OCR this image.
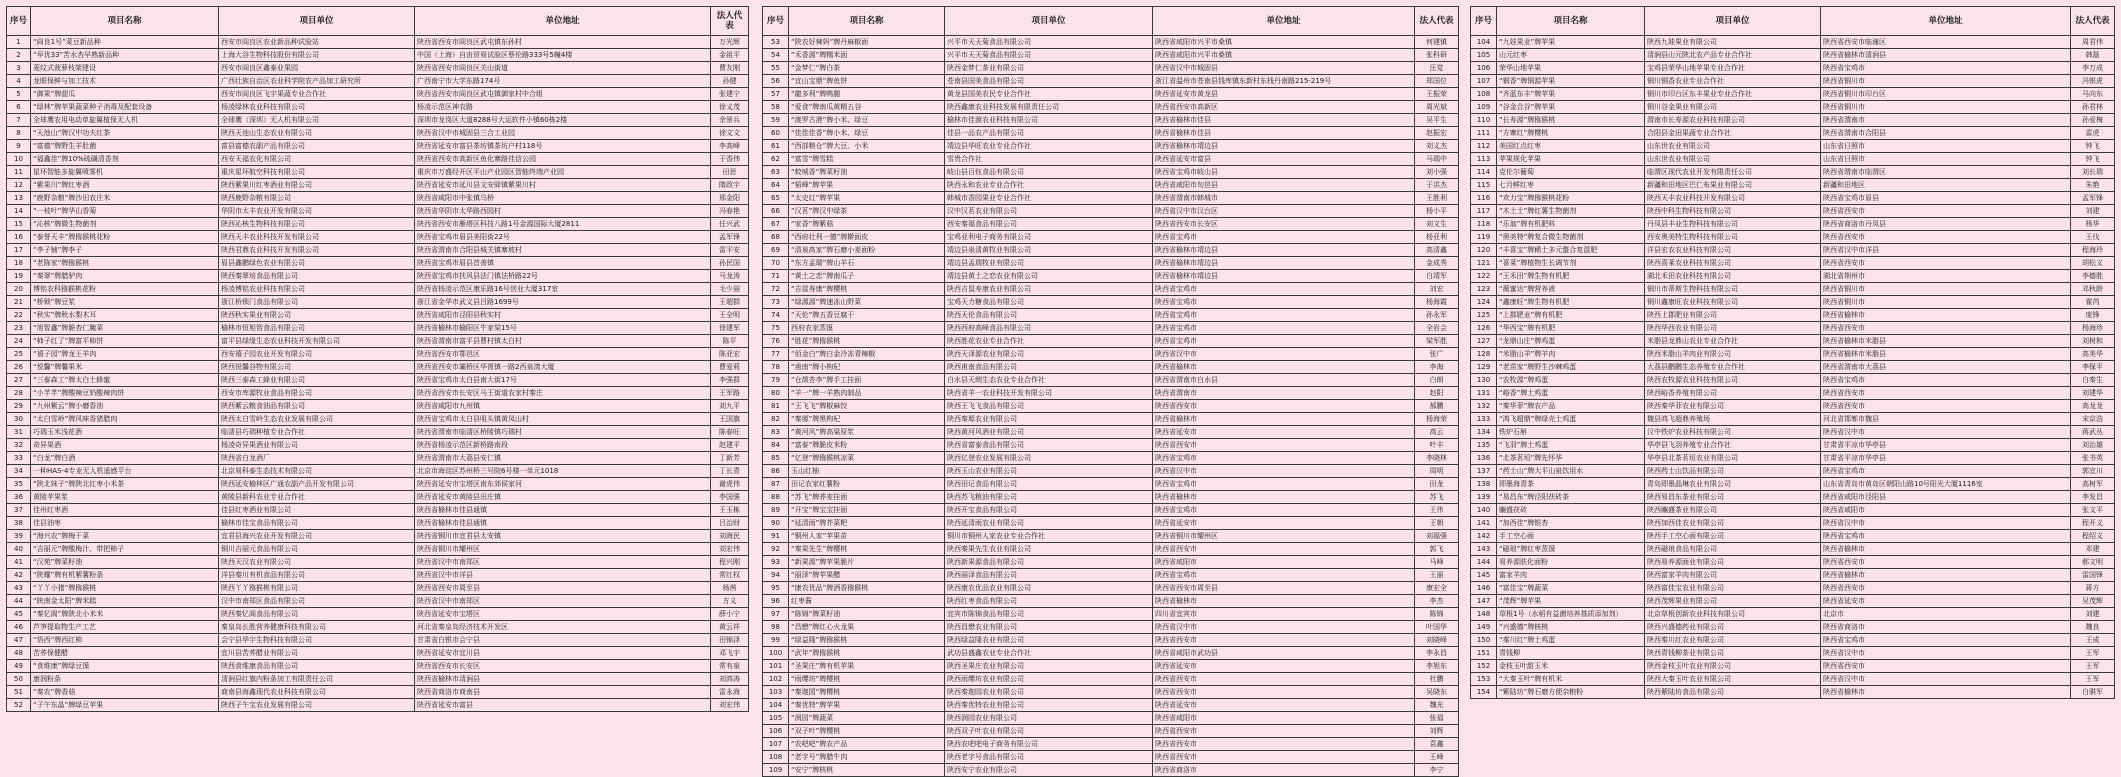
序号	项目名称	项目单位	单位地址	法人代表
1	“阎良1号”菜豆新品种	西安市阎良区农业新品种试验站	陕西省西安市阎良区武屯镇东孙村	万光辉
2	“早优33”苦水杏早熟新品种	上海大谷生物科技股份有限公司	中国（上海）自由贸易试验区蔡伦路333号5幢4楼	金祖平
3	菱纹式菠萝枝架建设	西安市阎良区鑫泰业果园	陕西省西安市阎良区关山街道	曹友刚
4	龙眼保鲜与加工技术	广西壮族自治区农业科学院农产品加工研究所	广西南宁市大学东路174号	孙健
5	“御果”牌甜瓜	西安市阎良区飞宇果蔬专业合作社	陕西省西安市阎良区武屯镇御家村中合组	张建宁
6	“绿林”牌苹果蔬菜种子消毒及配套设备	杨凌绿林农业科技有限公司	杨凌示范区神农路	徐义茂
7	全球鹰农用电动单旋翼植保无人机	全球鹰（深圳）无人机有限公司	深圳市龙岗区大道8288号大运软件小镇60栋2楼	余景兵
8	“天池山”牌汉中功夫红茶	陕西天池山生态农业有限公司	陕西省汉中市城固县三合工业园	徐文文
9	“富德”牌野生羊肚菌	富县富德农副产品有限公司	陕西省延安市富县茶坊镇茶坊户村118号	李高峰
10	“福鑫佳”牌10%硫磺清香剂	西安天福农化有限公司	陕西省西安市高新区鱼化寨路佳信公园	于香伟
11	星环智能多旋翼喷雾机	重庆星环航空科技有限公司	重庆市万盛经开区平山产业园区智能终端产业园	田思
12	“紫果川”牌红枣酒	陕西紫果川红枣酒业有限公司	陕西省延安市延川县文安驿镇紫果川村	隋政宇
13	“鹿野杂粮”牌沙田农庄米	陕西鹿野杂粮有限公司	陕西省咸阳市中张镇乌桥	邢金阳
14	“一枝叶”牌华山香菊	华阴市太丰农业开发有限公司	陕西省华阴市太华路西园村	冯春艳
15	“沁核”牌微生物菌剂	陕西沁核生物科技有限公司	陕西省西安市雁塔区科技八路1号金源国际大厦2811	任兴武
16	“泰誉天丰”牌猕猴桃花粉	陕西天丰农业科技开发有限公司	陕西省宝鸡市眉县美阳街22号	孟军锋
17	“李子铺”牌李子	陕西君鼎农业科技开发有限公司	陕西省渭南市合阳县城关镇寨坡村	雷平安
18	“老陈家”牌猕猴桃	眉县鑫鹏绿色农业有限公司	陕西省宝鸡市眉县首善镇	孙民国
19	“秦翠”牌腊驴肉	陕西秦翠培食品有限公司	陕西省宝鸡市扶风县法门镇法桥路22号	马龙涛
20	博铭农科猕猴桃花粉	杨凌博铭农业科技有限公司	陕西省杨凌示范区康乐路16号创业大厦317室	毛少丽
21	“桥锁”牌豆浆	浙江桥锁门食品有限公司	浙江省金华市武义县吕路1699号	王超群
22	“秋实”牌秋水梨木耳	陕西秋实果业有限公司	陕西省咸阳市泾阳县秋实村	王全明
23	“旭智鑫”牌脆杏仁腌菜	榆林市恒旭智食品有限公司	陕西省榆林市榆阳区牛家梁15号	徐建军
24	“柿子红了”牌富平柿饼	富平县绿缘生态农业科技开发有限公司	陕西省渭南市富平县曹村镇太白村	陈平
25	“禧子园”牌龙王羊肉	西安禧子园农业开发有限公司	陕西省西安市鄠邑区	陈亚宏
26	“悦馨”牌馨果米	陕西悦馨谷物有限公司	陕西省西安市灞桥区华胥镇一路2西泉湾大厦	曹爱莉
27	“三泰森工”牌太白土蜂蜜	陕西三泰森工蜂业有限公司	陕西省宝鸡市太白县南大街17号	李强群
28	“小芊芊”牌酸辣豆奶酸辣肉饼	西安市库源牧业食品有限公司	陕西省西安市长安区马王街道农家村秦庄	王军路
29	“九州紫云”牌小磨香油	陕西紫云粮食油品有限公司	陕西省咸阳市九州镇	刘九平
30	“太白雪岭”牌风味香猪腊肉	陕西太白雪岭生态农业发展有限公司	陕西省宝鸡市太白县咀头镇黄凤山村	王国旗
31	巧瑞玉米浅花酒	临清县巧瑞种植专业合作社	陕西省渭南市临清区桥陵镇巧瑞村	陈春旺
32	奇异果酒	杨凌奇异果酒业有限公司	陕西省杨凌示范区新桥路南段	赵建平
33	“白龙”牌白酒	陕西省白龙酒厂	陕西省渭南市大荔县安仁镇	丁新芳
34	一种HAS-4专业无人机遥感平台	北京易科泰生态技术有限公司	北京市海淀区苏州桥三号院6号楼一单元1018	丁长青
35	“陕北妹子”牌陕北红枣小米茶	陕西延安榆林区广通农副产品开发有限公司	陕西省延安市宝塔区南东郊侯家河	谢虎伟
36	黄陵苹果浆	黄陵县新科农业专业合作社	陕西省延安市黄陵县田庄镇	李国强
37	佳州红枣酒	佳县红枣酒业有限公司	陕西省榆林市佳县通镇	王玉栋
38	佳县油枣	榆林市佳宝食品有限公司	陕西省榆林市佳县通镇	吕治财
39	“海兴农”牌梅干菜	宜君县海兴农业开发有限公司	陕西省铜川市宜君县太安镇	刘海民
40	“吉丽元”牌酸梅汁、带把柿子	铜川吉丽元食品有限公司	陕西省铜川市耀州区	刘宏伟
41	“汉苑”牌菜籽油	陕西天汉农业有限公司	陕西省汉中市南郑区	程兴刚
42	“陕耀”牌有机紫薯粉条	洋县秦川有机食品有限公司	陕西省汉中市洋县	常红权
43	“丫丫小猪”牌猕猴桃	陕西丫丫猕猴桃有限公司	陕西省西安市周至县	杨茜
44	“陕南金太阳”牌米糕	汉中市南郑区食品有限公司	陕西省汉中市南郑区	方义
45	“秦忆阁”牌陕北小米米	陕西秦忆阁食品有限公司	陕西省延安市宝塔区	薛小宁
46	芦笋提取物生产工艺	秦皇岛长胜营养健康科技有限公司	河北省秦皇岛经济技术开发区	黄云祥
47	“悟西”牌西红柿	会宁县华宇生物科技有限公司	甘肃省白银市会宁县	田锦泽
48	苦荞保健醋	宜川县苦荞醋业有限公司	陕西省延安市宜川县	邓飞宇
49	“食维康”牌绿豆馍	陕西食维康食品有限公司	陕西省西安市长安区	常有泉
50	康润粉条	清涧县红旗内粉条加工有限责任公司	陕西省榆林市清涧县	刘鸿涛
51	“秦农”牌香菇	商南县海鑫现代农业科技有限公司	陕西省商洛市商南县	雷永海
52	“子午东晶”牌绿豆苹果	陕西子午宝农业发展有限公司	陕西省延安市富县	刘宏伟
序号	项目名称	项目单位	单位地址	法人代表
53	“陕农好辣妈”牌丹麻椒面	兴平市天天菊食品有限公司	陕西省咸阳市兴平市桑镇	何建镇
54	“禾香源”牌糯米面	兴平市天天菊食品有限公司	陕西省咸阳市兴平市桑镇	张科研
55	“金梦仁”牌白茶	陕西金梦仁茶业有限公司	陕西省汉中市城固县	汪觉
56	“宜山宝鼎”牌鱼饼	苍南县国美食品有限公司	浙江省温州市苍南县钱库镇东新村东栈丹南路215-219号	郑国位
57	“龍多利”牌鸭腿	黄龙县国美农民专业合作社	陕西省延安市黄龙县	王振荣
58	“爱食”牌南瓜黄精五谷	陕西鑫康农业科技发展有限责任公司	陕西省西安市高新区	周光斌
59	“渡罗古港”牌小米、绿豆	榆林市佳渡农业科技有限公司	陕西省榆林市佳县	吴平生
60	“佳佳佳香”牌小米、绿豆	佳县一品农产品有限公司	陕西省榆林市佳县	赵振宏
61	“西部粮仓”牌大豆、小米	靖边县华旺农业专业合作社	陕西省榆林市靖边县	刘义杰
62	“富雪”牌雪糕	雪贵合作社	陕西省延安市富县	马瑞中
63	“蛟城香”牌菜籽油	岐山县百钰食品有限公司	陕西省宝鸡市岐山县	刘小强
64	“韬峰”牌苹果	陕西永和农业专业合作社	陕西省咸阳市旬邑县	于洪杰
65	“太史红”牌苹果	韩城市香园果业专业合作社	陕西省渭南市韩城市	王胜利
66	“汉茗”牌汉中绿茶	汉中汉茗农业有限公司	陕西省汉中市汉台区	杨小平
67	“家香”牌紫菇	西安秦福食品有限公司	陕西省西安市长安区	刘文生
68	“西府壮利一德”牌擀面皮	宝鸡亚利电子商务有限公司	陕西省宝鸡市	杨亚利
69	“清泉高家”牌石磨小麦面粉	靖边县泉清黄牧业有限公司	陕西省榆林市靖边县	高清鑫
70	“东方孟瑞”牌山羊石	靖边县孟瑞牧业有限公司	陕西省榆林市靖边县	金成秀
71	“黄土之恋”牌南瓜子	靖边县黄土之恋农业有限公司	陕西省榆林市靖边县	白靖军
72	“吉鼠寿康”牌樱桃	陕西吉鼠寿康农业有限公司	陕西省宝鸡市	刘宏
73	“绿源源”牌速冻山野菜	宝鸡天力糖食品有限公司	陕西省宝鸡市	杨海霞
74	“天伦”牌五香豆腐干	陕西天伦食品有限公司	陕西省宝鸡市	孙永军
75	西府农家蒸馍	陕西西府高峰食品有限公司	陕西省宝鸡市	全岩会
76	“胜花”牌猕猴桃	陕西胜花农业专业合作社	陕西省宝鸡市	梁军胜
77	“佰金白”牌白金冷冻青辣椒	陕西天泽源农业有限公司	陕西省汉中市	张广
78	“甫南”牌小枸杞	陕西甫南食品有限公司	陕西省榆林市	李海
79	“仓颉杏李”牌手工挂面	白水县天朗生态农业专业合作社	陕西省渭南市白水县	白朗
80	“羊一”牌一羊熟肉制品	陕西省羊一农业科技开发有限公司	陕西省渭南市	赵阳
81	“王飞飞”牌椒麻饺	陕西王飞飞食品有限公司	陕西省西安市	郝鹏
82	“秦塬”牌黑枸杞	陕西秦塬农业有限公司	陕西省榆林市	杨海荣
83	“黄河风”牌高粱原浆	陕西黄河风酒业有限公司	陕西省延安市	高云
84	“富泰”牌脆皮米粉	陕西省富泰食品有限公司	陕西省西安市	叶丰
85	“亿登”牌猕猴桃凉菜	陕西亿登农业发展有限公司	陕西省宝鸡市	李晓林
86	玉山红柚	陕西玉山农业有限公司	陕西省汉中市	周明
87	田记农家红薯粉	陕西田记食品有限公司	陕西省宝鸡市	田龙
88	“苏飞”牌荞麦挂面	陕西苏飞粮油有限公司	陕西省榆林市	苏飞
89	“开宝”牌宝宝挂面	陕西开宝食品有限公司	陕西省宝鸡市	王伟
90	“延清雨”牌芥菜粑	陕西延清雨农业有限公司	陕西省延安市	王朝
91	“铜州人家”苹果苗	铜川市铜州人家农业专业合作社	陕西省铜川市耀州区	刘福强
92	“秦果先生”牌樱桃	陕西秦果先生农业有限公司	陕西省西安市	郭飞
93	“新果源”牌苹果脆片	陕西新果源食品有限公司	陕西省咸阳市	马峰
94	“丽泽”牌苹果醋	陕西丽泽食品有限公司	陕西省宝鸡市	王丽
95	“康农优品”牌酒香猕猴桃	陕西康农优品农业有限公司	陕西省西安市周至县	康宏全
96	红枣酱	陕西红枣食品有限公司	陕西省榆林市	李杰
97	“陈锦”牌菜籽油	宜宾市陈锦食品有限公司	四川省宜宾市	陈锦
98	“昌懋”牌红心火龙果	陕西昌懋农业有限公司	陕西省汉中市	叶国华
99	“绿益隆”牌猕猴桃	陕西绿益隆农业有限公司	陕西省西安市	刘晓峰
100	“武年”牌猕猴桃	武功县盛鑫农业专业合作社	陕西省咸阳市武功县	李永昌
101	“圣果庄”牌有机苹果	陕西圣果庄农业有限公司	陕西省延安市	李旭东
102	“雨缨坊”牌樱桃	陕西雨缨坊农业有限公司	陕西省西安市	杜鹏
103	“秦迦园”牌樱桃	陕西秦迦园农业有限公司	陕西省西安市	吴晓东
104	“秦优特”牌苹果	陕西秦优特农业有限公司	陕西省延安市	魏光
105	“润园”牌蔬菜	陕西润园农业有限公司	陕西省咸阳市	张福
106	“双子叶”牌樱桃	陕西双子叶农业有限公司	陕西省西安市	刘辉
107	“农吧吧”牌农产品	陕西农吧吧电子商务有限公司	陕西省西安市	袁鑫
108	“老字号”牌腊牛肉	陕西老字号食品有限公司	陕西省西安市	王峰
109	“安宁”牌核桃	陕西安宁农业有限公司	陕西省商洛市	李宁
序号	项目名称	项目单位	单位地址	法人代表
104	“九娃果业”牌苹果	陕西九娃果业有限公司	陕西省西安市临潼区	周君伟
105	山元红枣	清涧县山元陕北农产品专业合作社	陕西省榆林市清涧县	韩磊
106	荣华山地苹果	宝鸡县荣华山地苹果专业合作社	陕西省宝鸡市	李万成
107	“铜香”牌铜源苹果	铜川铜香农业专业合作社	陕西省铜川市	冯银虎
108	“齐蓝东丰”牌苹果	铜川市印台区东丰果业专业合作社	陕西省铜川市印台区	马向东
109	“谷金合谷”牌苹果	铜川谷金果业有限公司	陕西省铜川市	孙君林
110	“长寿源”牌猕猴桃	渭南市长寿源农业科技有限公司	陕西省渭南市	孙爱梅
111	“方寨红”牌樱桃	合阳县金田果蔬专业合作社	陕西省渭南市合阳县	雷虎
112	美国红点红枣	山东世农业有限公司	山东省日照市	钟飞
113	苹果规化苹果	山东世农业有限公司	山东省日照市	钟飞
114	克伦尔葡萄	临渭区现代农业开发有限责任公司	陕西省渭南市临渭区	刘长瑞
115	七月鲜红枣	新疆和田地区巴仁布果业有限公司	新疆和田地区	朱艳
116	“欢力宝”牌猕猴桃花粉	陕西天丰农业科技开发有限公司	陕西省宝鸡市眉县	孟军锋
117	“木土土”牌红薯生物菌剂	陕西中科生物科技有限公司	陕西省西安市	刘建
118	“乐翁”牌有机肥料	丹凤县丰业生物科技有限公司	陕西省商洛市丹凤县	杨华
119	“奥美特”牌复合微生物菌剂	西安奥美特生物科技有限公司	陕西省西安市	王伐
120	“丰喜宝”牌稀土多元螯合复混肥	洋县宏农农业科技有限公司	陕西省汉中市洋县	程海玲
121	“喜莱”牌植物生长调节剂	陕西喜莱农业科技有限公司	陕西省西安市	胡松义
122	“王禾田”牌生物有机肥	湖北禾田农业科技有限公司	湖北省荆州市	李德胜
123	“薇蜜达”牌营养液	铜川市蒂斯生物科技有限公司	陕西省铜川市	邓秋龄
124	“鑫康旺”牌生物有机肥	铜川鑫康旺农业科技有限公司	陕西省铜川市	霍芮
125	“上郡肥业”牌有机肥	陕西上郡肥业有限公司	陕西省榆林市	庞锋
126	“华西宝”牌有机肥	陕西华西农业有限公司	陕西省西安市	杨海珍
127	“龙鼎山庄”牌鸡蛋	米脂县龙鼎山农业专业合作社	陕西省榆林市米脂县	刘树和
128	“米脂山羊”牌羊肉	陕西米脂山羊肉业有限公司	陕西省榆林市米脂县	高美华
129	“老苗家”牌野生沙棘鸡蛋	大荔县鹏鹏生态养殖专业合作社	陕西省渭南市大荔县	李保平
130	“农牧源”牌鸡蛋	陕西农牧源农业科技有限公司	陕西省宝鸡市	白秦生
131	“峪香”牌土鸡蛋	陕西峪香养殖有限公司	陕西省西安市	刘建华
132	“秦华菲”牌农产品	陕西秦华菲农业有限公司	陕西省西安市	高龙龙
133	“鸿飞超鼎”牌绿壳土鸡蛋	魏县鸿飞超鼎养殖场	河北省邯郸市魏县	宋京浩
134	铁炉石斛	汉中铁炉农业科技有限公司	陕西省汉中市	蒋武丛
135	“飞羽”牌土鸡蛋	华亭县飞羽养殖专业合作社	甘肃省平凉市华亭县	刘治雄
136	“北茶茗垣”牌先怀华	华亭县北茶茗垣农业有限公司	甘肃省平凉市华亭县	张书英
137	“药士山”牌大平山泉饮用水	陕西药士山饮品有限公司	陕西省宝鸡市	郭宜川
138	即墨海青茶	青岛即墨晶琳农业有限公司	山东省青岛市黄岛区朝阳山路10号阳光大厦1116室	高树军
139	“易昌东”牌泾阳茯砖茶	陕西易昌东茶业有限公司	陕西省咸阳市泾阳县	李发昌
140	豳盛茯砖	陕西豳盛茶业有限公司	陕西省咸阳市	张文平
141	“加西佳”牌银杏	陕西加西佳农业有限公司	陕西省汉中市	程开义
142	手工空心面	陕西手工空心面有限公司	陕西省宝鸡市	程绍义
143	“磁琅”牌红枣蒸馍	陕西磁琅食品有限公司	陕西省榆林市	邓建
144	易养源肤化面粉	陕西易养源面业有限公司	陕西省西安市	郝文明
145	富家羊肉	陕西富家羊肉有限公司	陕西省榆林市	雷国锋
146	“富佳宝”牌蔬菜	陕西富佳宝农业有限公司	陕西省西安市	蒋方
147	“茂辉”牌苹果	陕西茂辉果业有限公司	陕西省延安市	吴茂辉
148	草根1号（水稻有益菌培养基质添加剂）	北京草根创新农业科技有限公司	北京市	刘建
149	“兴盛德”牌核桃	陕西兴盛德药业有限公司	陕西省商洛市	魏良
150	“秦川红”牌土鸡蛋	陕西秦川红农业有限公司	陕西省宝鸡市	王成
151	青钱柳	陕西青钱柳茶业有限公司	陕西省汉中市	王军
152	金枝玉叶甜玉米	陕西金枝玉叶农业有限公司	陕西省西安市	王军
153	“大秦玉叶”牌有机米	陕西大秦玉叶农业有限公司	陕西省汉中市	王军
154	“紫陆坊”牌石磨方便杂粮粉	陕西紫陆坊食品有限公司	陕西省榆林市	白骐军
